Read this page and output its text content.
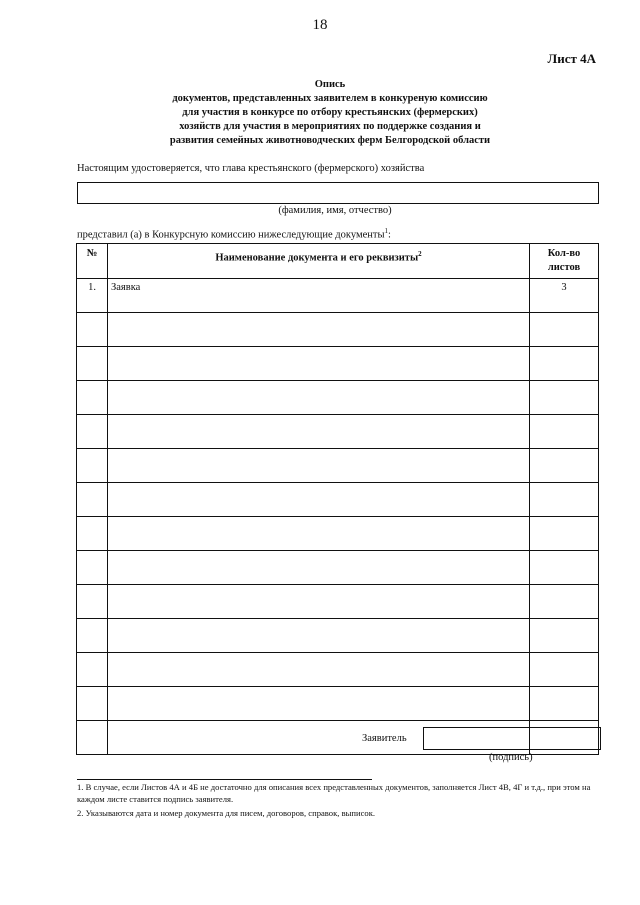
18
Лист 4А
Опись
документов, представленных заявителем в конкуреную комиссию
для участия в конкурсе по отбору крестьянских (фермерских)
хозяйств для участия в мероприятиях по поддержке создания и
развития семейных животноводческих ферм Белгородской области
Настоящим удостоверяется, что глава крестьянского (фермерского) хозяйства
(фамилия, имя, отчество)
представил (а) в Конкурсную комиссию нижеследующие документы$^1$:
№	Наименование документа и его реквизиты$^2$	Кол-во
листов

1.	Заявка	3

Заявитель
(подпись)
1. В случае, если Листов 4А и 4Б не достаточно для описания всех представленных документов, заполняется Лист 4В, 4Г и т.д., при этом на каждом листе ставится подпись заявителя.
2. Указываются дата и номер документа для писем, договоров, справок, выписок.
